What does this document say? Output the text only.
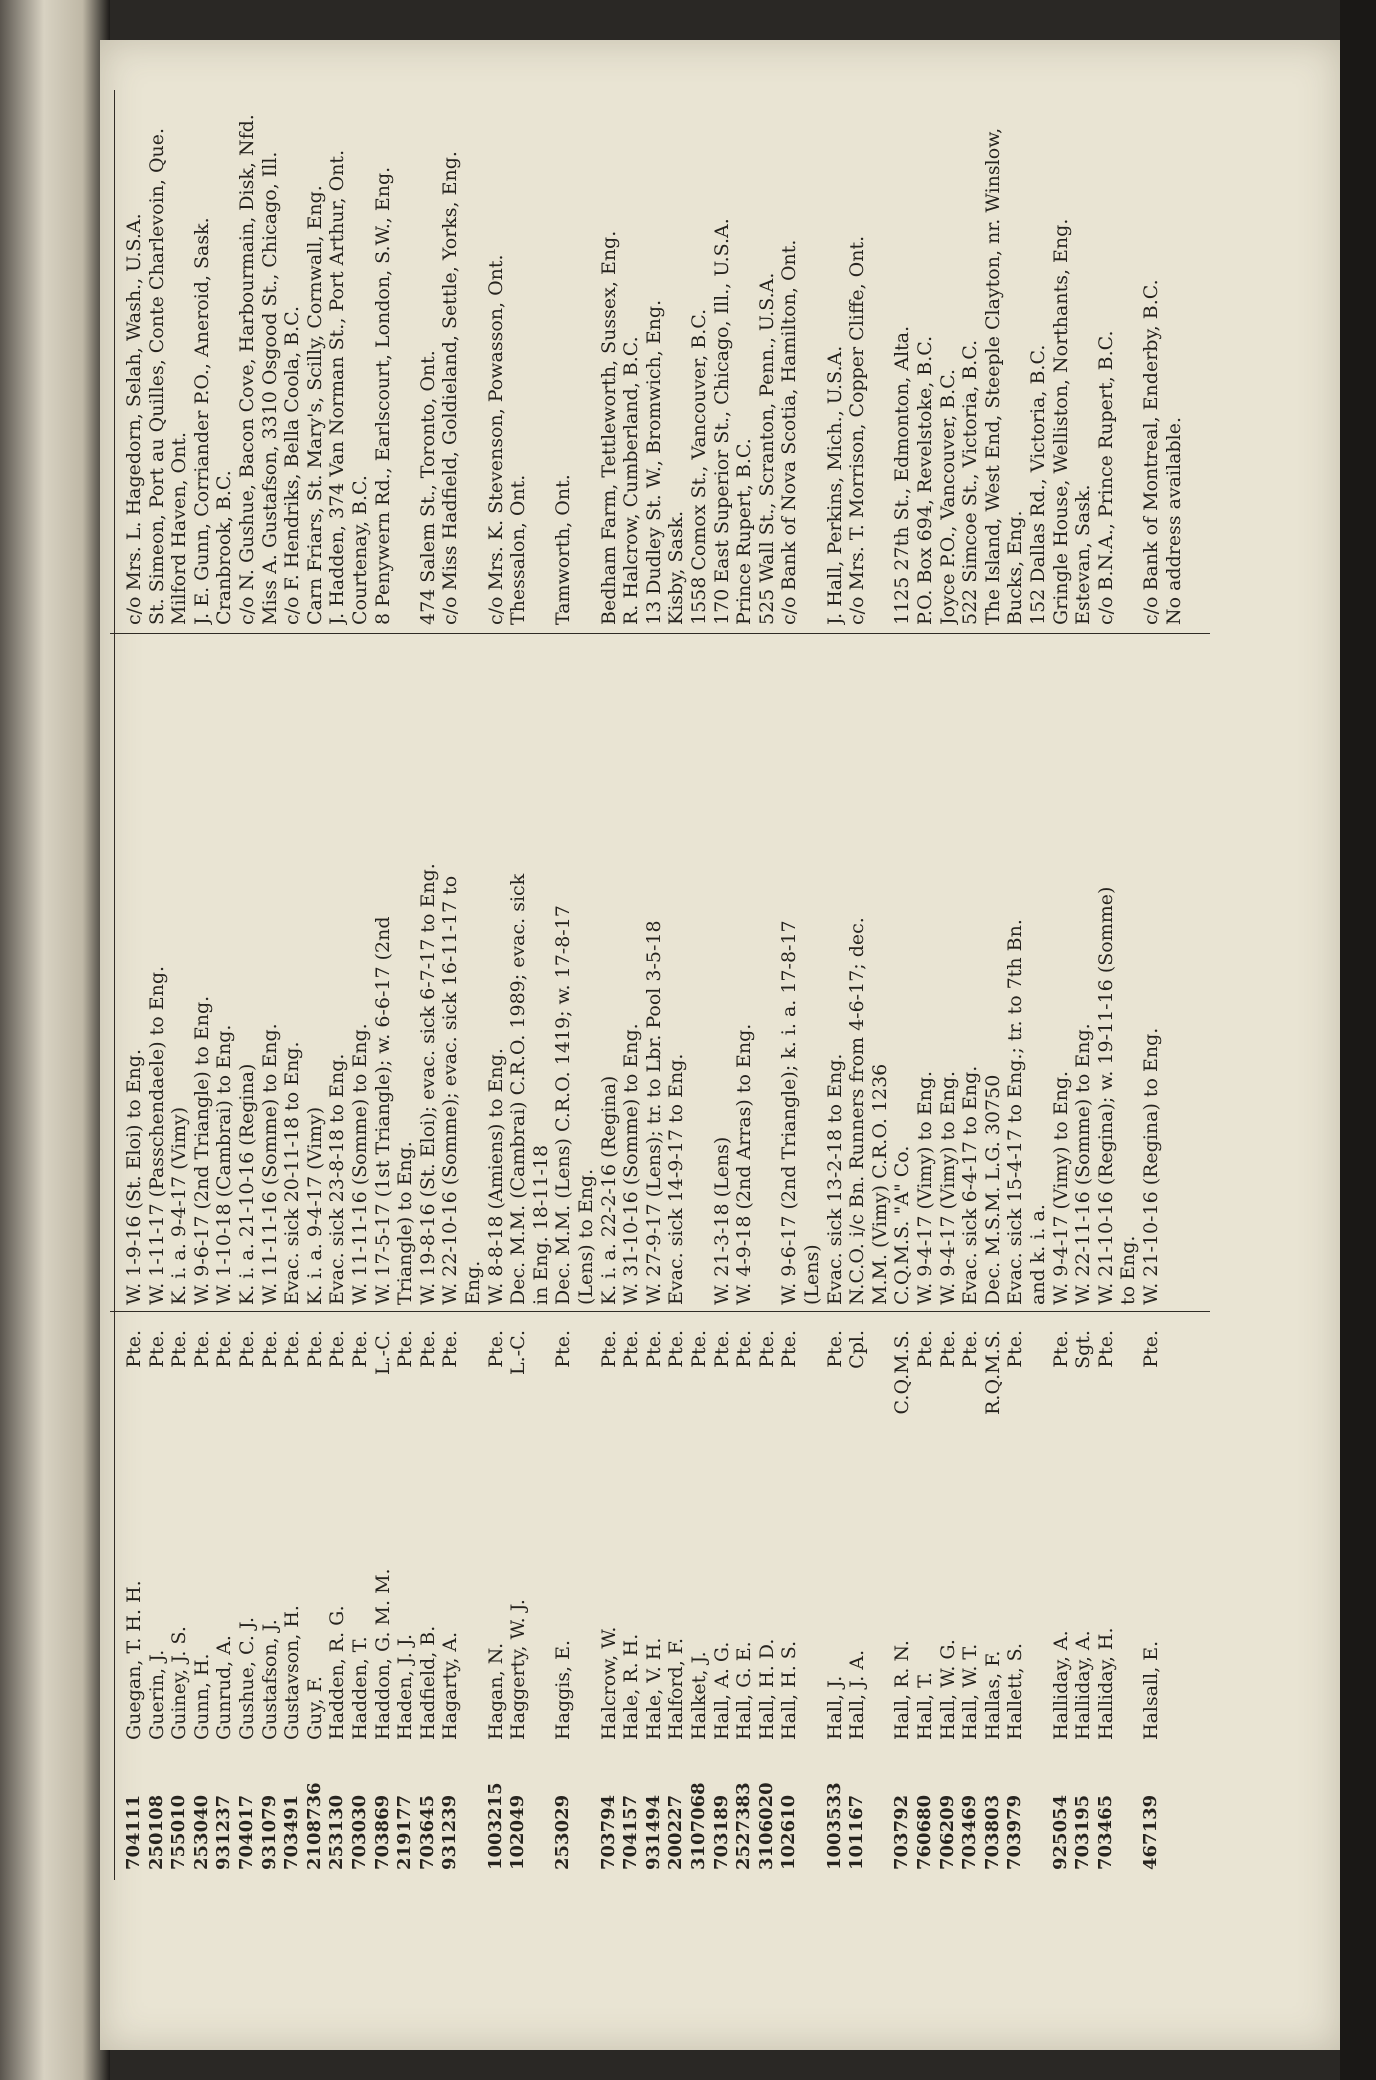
704111
Guegan, T. H. H.
Pte.
W. 1-9-16 (St. Eloi) to Eng.
c/o Mrs. L. Hagedorn, Selah, Wash., U.S.A.
250108
Guerin, J.
Pte.
W. 1-11-17 (Passchendaele) to Eng.
St. Simeon, Port au Quilles, Conte Charlevoin, Que.
755010
Guiney, J. S.
Pte.
K. i. a. 9-4-17 (Vimy)
Milford Haven, Ont.
253040
Gunn, H.
Pte.
W. 9-6-17 (2nd Triangle) to Eng.
J. E. Gunn, Corriander P.O., Aneroid, Sask.
931237
Gunrud, A.
Pte.
W. 1-10-18 (Cambrai) to Eng.
Cranbrook, B.C.
704017
Gushue, C. J.
Pte.
K. i. a. 21-10-16 (Regina)
c/o N. Gushue, Bacon Cove, Harbourmain, Disk, Nfd.
931079
Gustafson, J.
Pte.
W. 11-11-16 (Somme) to Eng.
Miss A. Gustafson, 3310 Osgood St., Chicago, Ill.
703491
Gustavson, H.
Pte.
Evac. sick 20-11-18 to Eng.
c/o F. Hendriks, Bella Coola, B.C.
2108736
Guy, F.
Pte.
K. i. a. 9-4-17 (Vimy)
Carn Friars, St. Mary's, Scilly, Cornwall, Eng.
253130
Hadden, R. G.
Pte.
Evac. sick 23-8-18 to Eng.
J. Hadden, 374 Van Norman St., Port Arthur, Ont.
703030
Hadden, T.
Pte.
W. 11-11-16 (Somme) to Eng.
Courtenay, B.C.
703869
Haddon, G. M. M.
L.-C.
W. 17-5-17 (1st Triangle); w. 6-6-17 (2nd
8 Penywern Rd., Earlscourt, London, S.W., Eng.
219177
Haden, J. J.
Pte.
Triangle) to Eng.
703645
Hadfield, B.
Pte.
W. 19-8-16 (St. Eloi); evac. sick 6-7-17 to Eng.
474 Salem St., Toronto, Ont.
931239
Hagarty, A.
Pte.
W. 22-10-16 (Somme); evac. sick 16-11-17 to
c/o Miss Hadfield, Goldieland, Settle, Yorks, Eng.
Eng.
1003215
Hagan, N.
Pte.
W. 8-8-18 (Amiens) to Eng.
c/o Mrs. K. Stevenson, Powasson, Ont.
102049
Haggerty, W. J.
L.-C.
Dec. M.M. (Cambrai) C.R.O. 1989; evac. sick
Thessalon, Ont.
in Eng. 18-11-18
253029
Haggis, E.
Pte.
Dec. M.M. (Lens) C.R.O. 1419; w. 17-8-17
Tamworth, Ont.
(Lens) to Eng.
703794
Halcrow, W.
Pte.
K. i. a. 22-2-16 (Regina)
Bedham Farm, Tettleworth, Sussex, Eng.
704157
Hale, R. H.
Pte.
W. 31-10-16 (Somme) to Eng.
R. Halcrow, Cumberland, B.C.
931494
Hale, V. H.
Pte.
W. 27-9-17 (Lens); tr. to Lbr. Pool 3-5-18
13 Dudley St. W., Bromwich, Eng.
200227
Halford, F.
Pte.
Evac. sick 14-9-17 to Eng.
Kisby, Sask.
3107068
Halket, J.
Pte.
1558 Comox St., Vancouver, B.C.
703189
Hall, A. G.
Pte.
W. 21-3-18 (Lens)
170 East Superior St., Chicago, Ill., U.S.A.
2527383
Hall, G. E.
Pte.
W. 4-9-18 (2nd Arras) to Eng.
Prince Rupert, B.C.
3106020
Hall, H. D.
Pte.
525 Wall St., Scranton, Penn., U.S.A.
102610
Hall, H. S.
Pte.
W. 9-6-17 (2nd Triangle); k. i. a. 17-8-17
c/o Bank of Nova Scotia, Hamilton, Ont.
(Lens)
1003533
Hall, J.
Pte.
Evac. sick 13-2-18 to Eng.
J. Hall, Perkins, Mich., U.S.A.
101167
Hall, J. A.
Cpl.
N.C.O. i/c Bn. Runners from 4-6-17; dec.
c/o Mrs. T. Morrison, Copper Cliffe, Ont.
M.M. (Vimy) C.R.O. 1236
703792
Hall, R. N.
C.Q.M.S.
C.Q.M.S. "A" Co.
1125 27th St., Edmonton, Alta.
760680
Hall, T.
Pte.
W. 9-4-17 (Vimy) to Eng.
P.O. Box 694, Revelstoke, B.C.
706209
Hall, W. G.
Pte.
W. 9-4-17 (Vimy) to Eng.
Joyce P.O., Vancouver, B.C.
703469
Hall, W. T.
Pte.
Evac. sick 6-4-17 to Eng.
522 Simcoe St., Victoria, B.C.
703803
Hallas, F.
R.Q.M.S.
Dec. M.S.M. L.G. 30750
The Island, West End, Steeple Clayton, nr. Winslow,
703979
Hallett, S.
Pte.
Evac. sick 15-4-17 to Eng.; tr. to 7th Bn.
Bucks, Eng.
and k. i. a.
152 Dallas Rd., Victoria, B.C.
925054
Halliday, A.
Pte.
W. 9-4-17 (Vimy) to Eng.
Gringle House, Welliston, Northants, Eng.
703195
Halliday, A.
Sgt.
W. 22-11-16 (Somme) to Eng.
Estevan, Sask.
703465
Halliday, H.
Pte.
W. 21-10-16 (Regina); w. 19-11-16 (Somme)
c/o B.N.A., Prince Rupert, B.C.
to Eng.
467139
Halsall, E.
Pte.
W. 21-10-16 (Regina) to Eng.
c/o Bank of Montreal, Enderby, B.C. No address available.
